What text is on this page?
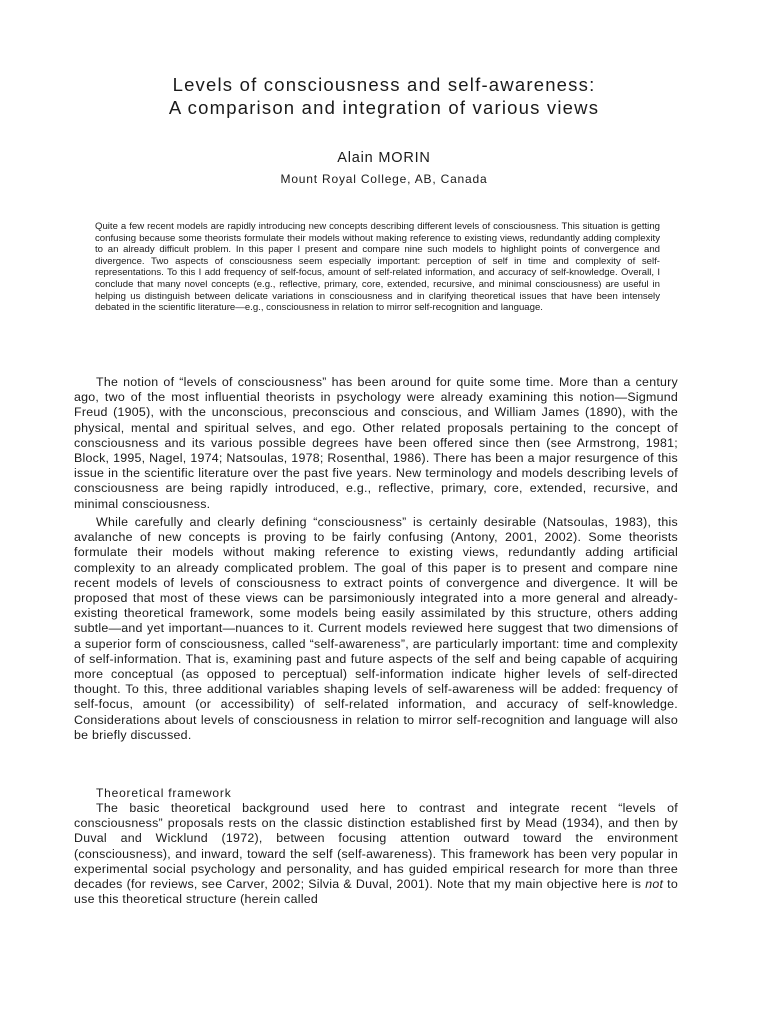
Levels of consciousness and self-awareness:
A comparison and integration of various views

Alain MORIN

Mount Royal College, AB, Canada

Quite a few recent models are rapidly introducing new concepts describing different levels of consciousness. This situation is getting confusing because some theorists formulate their models without making reference to existing views, redundantly adding complexity to an already difficult problem. In this paper I present and compare nine such models to highlight points of convergence and divergence. Two aspects of consciousness seem especially important: perception of self in time and complexity of self-representations. To this I add frequency of self-focus, amount of self-related information, and accuracy of self-knowledge. Overall, I conclude that many novel concepts (e.g., reflective, primary, core, extended, recursive, and minimal consciousness) are useful in helping us distinguish between delicate variations in consciousness and in clarifying theoretical issues that have been intensely debated in the scientific literature—e.g., consciousness in relation to mirror self-recognition and language.

The notion of “levels of consciousness” has been around for quite some time. More than a century ago, two of the most influential theorists in psychology were already examining this notion—Sigmund Freud (1905), with the unconscious, preconscious and conscious, and William James (1890), with the physical, mental and spiritual selves, and ego. Other related proposals pertaining to the concept of consciousness and its various possible degrees have been offered since then (see Armstrong, 1981; Block, 1995, Nagel, 1974; Natsoulas, 1978; Rosenthal, 1986). There has been a major resurgence of this issue in the scientific literature over the past five years. New terminology and models describing levels of consciousness are being rapidly introduced, e.g., reflective, primary, core, extended, recursive, and minimal consciousness.

While carefully and clearly defining “consciousness” is certainly desirable (Natsoulas, 1983), this avalanche of new concepts is proving to be fairly confusing (Antony, 2001, 2002). Some theorists formulate their models without making reference to existing views, redundantly adding artificial complexity to an already complicated problem. The goal of this paper is to present and compare nine recent models of levels of consciousness to extract points of convergence and divergence. It will be proposed that most of these views can be parsimoniously integrated into a more general and already-existing theoretical framework, some models being easily assimilated by this structure, others adding subtle—and yet important—nuances to it. Current models reviewed here suggest that two dimensions of a superior form of consciousness, called “self-awareness”, are particularly important: time and complexity of self-information. That is, examining past and future aspects of the self and being capable of acquiring more conceptual (as opposed to perceptual) self-information indicate higher levels of self-directed thought. To this, three additional variables shaping levels of self-awareness will be added: frequency of self-focus, amount (or accessibility) of self-related information, and accuracy of self-knowledge. Considerations about levels of consciousness in relation to mirror self-recognition and language will also be briefly discussed.

Theoretical framework

The basic theoretical background used here to contrast and integrate recent “levels of consciousness” proposals rests on the classic distinction established first by Mead (1934), and then by Duval and Wicklund (1972), between focusing attention outward toward the environment (consciousness), and inward, toward the self (self-awareness). This framework has been very popular in experimental social psychology and personality, and has guided empirical research for more than three decades (for reviews, see Carver, 2002; Silvia & Duval, 2001). Note that my main objective here is not to use this theoretical structure (herein called
